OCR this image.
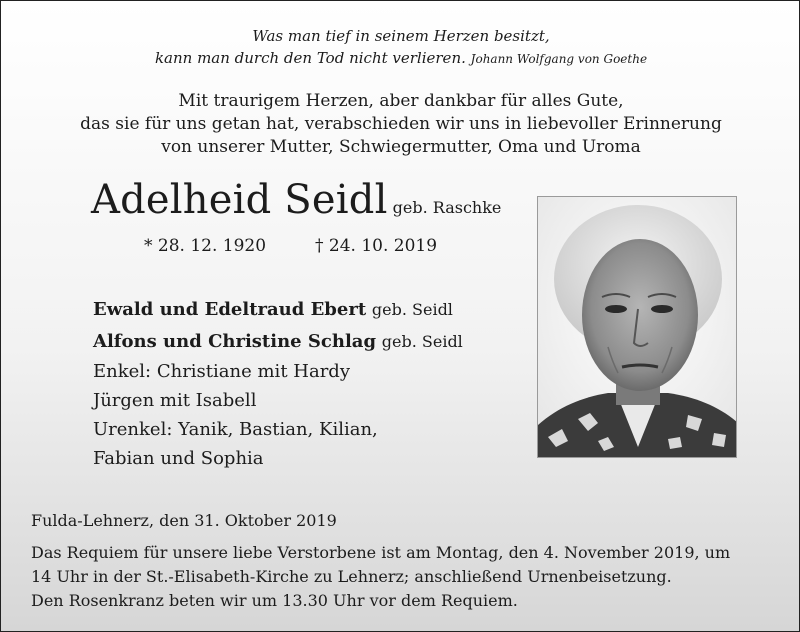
Was man tief in seinem Herzen besitzt,
kann man durch den Tod nicht verlieren. Johann Wolfgang von Goethe
Mit traurigem Herzen, aber dankbar für alles Gute,
das sie für uns getan hat, verabschieden wir uns in liebevoller Erinnerung
von unserer Mutter, Schwiegermutter, Oma und Uroma
Adelheid Seidl geb. Raschke
* 28. 12. 1920	† 24. 10. 2019
Ewald und Edeltraud Ebert geb. Seidl
Alfons und Christine Schlag geb. Seidl
Enkel: Christiane mit Hardy
Jürgen mit Isabell
Urenkel: Yanik, Bastian, Kilian,
Fabian und Sophia
Fulda-Lehnerz, den 31. Oktober 2019
Das Requiem für unsere liebe Verstorbene ist am Montag, den 4. November 2019, um
14 Uhr in der St.-Elisabeth-Kirche zu Lehnerz; anschließend Urnenbeisetzung.
Den Rosenkranz beten wir um 13.30 Uhr vor dem Requiem.
